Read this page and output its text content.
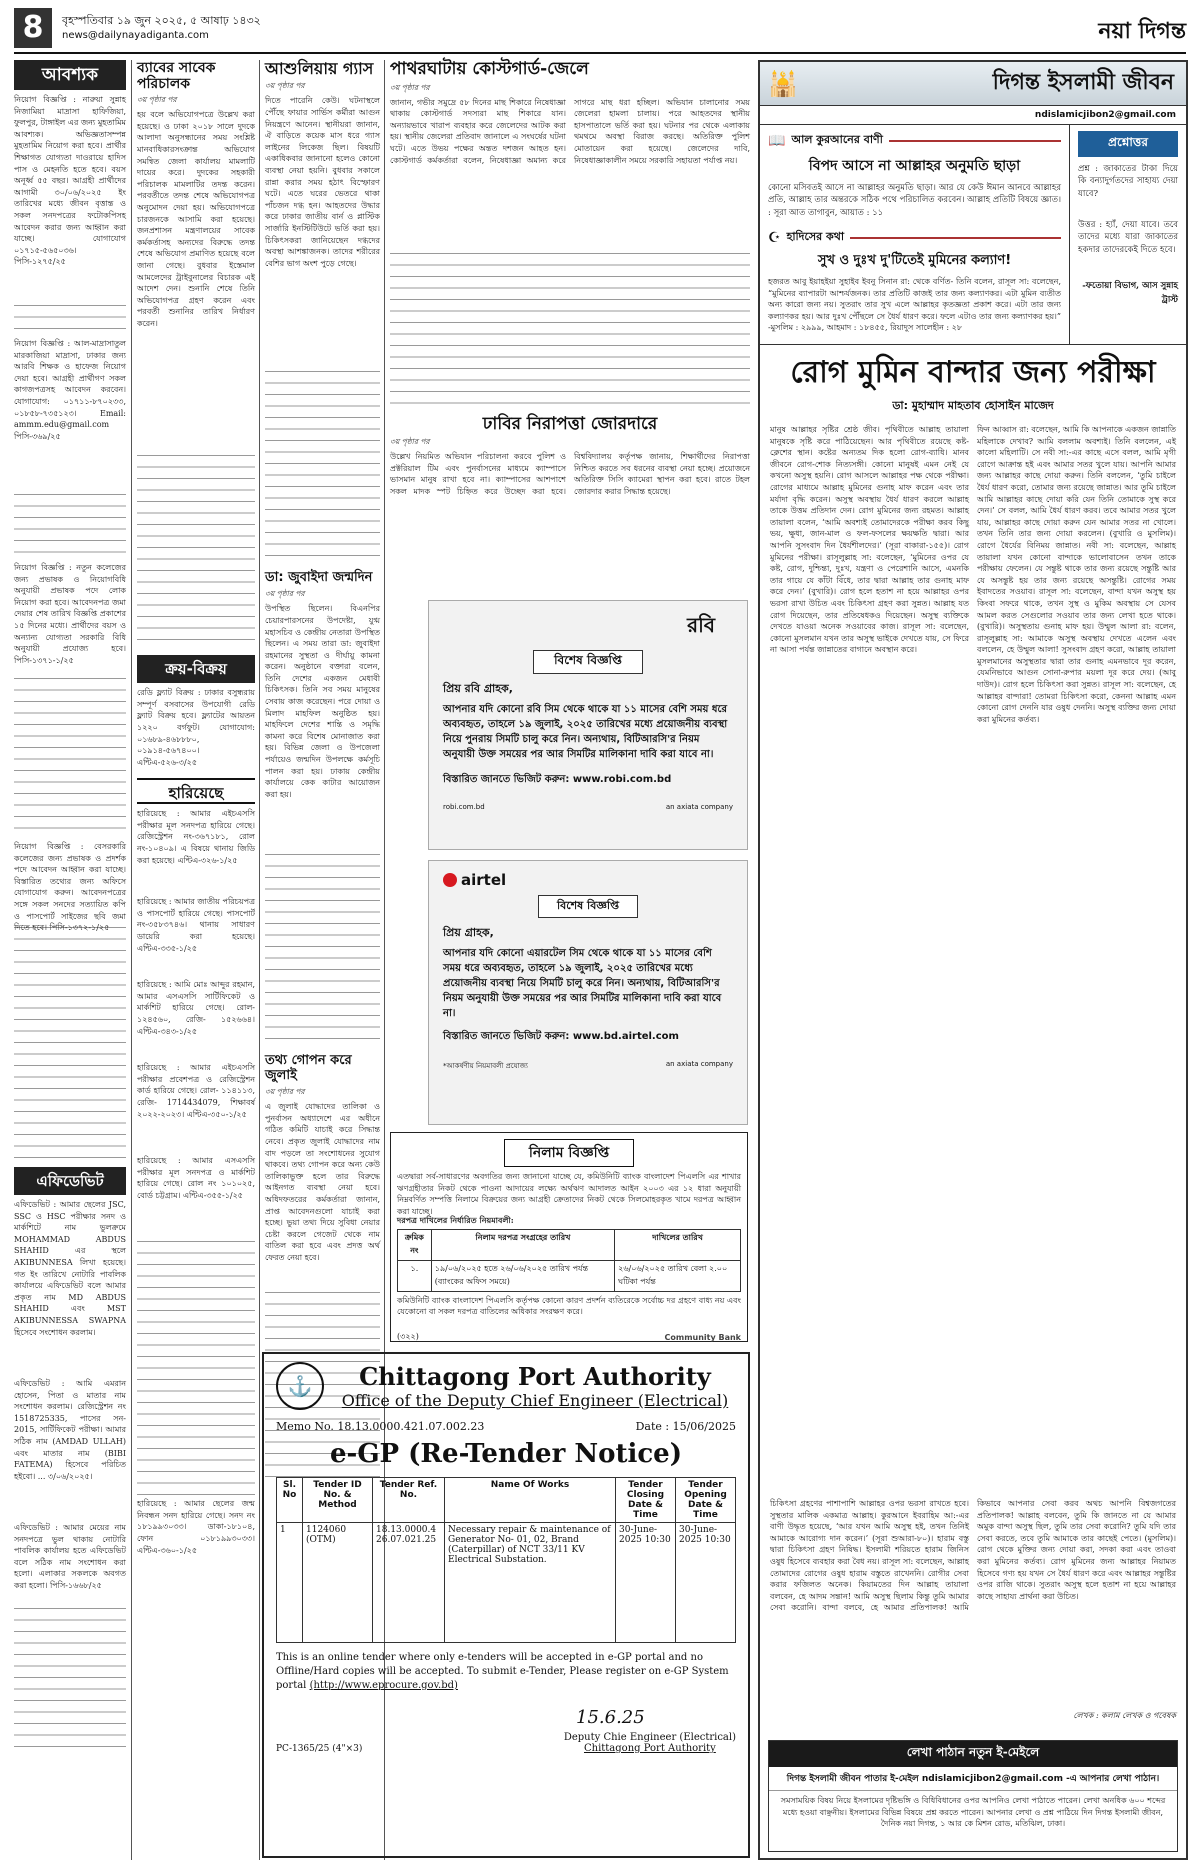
8	বৃহস্পতিবার ১৯ জুন ২০২৫, ৫ আষাঢ় ১৪৩২
news@dailynayadiganta.com	নয়া দিগন্ত
আবশ্যক
নিয়োগ বিজ্ঞপ্তি : নারুয়া সুন্নাহ নিজামিয়া মাদ্রাসা হাফিজিয়া, ফুলপুর, টাঙ্গাইল এর জন্য মুহতামিম আবশ্যক। অভিজ্ঞতাসম্পন্ন মুহতামিম নিয়োগ করা হবে। প্রার্থীর শিক্ষাগত যোগ্যতা দাওরায়ে হাদিস পাস ও মেহনতি হতে হবে। বয়স অনূর্ধ্ব ৫৫ বছর। আগ্রহী প্রার্থীদের আগামী ৩০/০৬/২০২৫ ইং তারিখের মধ্যে জীবন বৃত্তান্ত ও সকল সনদপত্রের ফটোকপিসহ আবেদন করার জন্য আহ্বান করা যাচ্ছে। যোগাযোগ ০১৭১৫-৫৬৫০৩৬। পিসি-১২৭৫/২৫
নিয়োগ বিজ্ঞপ্তি : আল-মাদ্রাসাতুল মারকাজিয়া মাদ্রাসা, ঢাকার জন্য আরবি শিক্ষক ও হাফেজ নিয়োগ দেয়া হবে। আগ্রহী প্রার্থীগণ সকল কাগজপত্রসহ আবেদন করবেন। যোগাযোগ: ০১৭১১-৮৭০২৩৩, ০১৮৫৮-৭৩৫১২৩। Email: ammm.edu@gmail.com পিসি-৩৬৯/২৫
নিয়োগ বিজ্ঞপ্তি : নতুন কলেজের জন্য প্রভাষক ও নিয়োগবিধি অনুযায়ী প্রভাষক পদে লোক নিয়োগ করা হবে। আবেদনপত্র জমা দেয়ার শেষ তারিখ বিজ্ঞপ্তি প্রকাশের ১৫ দিনের মধ্যে। প্রার্থীদের বয়স ও অন্যান্য যোগ্যতা সরকারি বিধি অনুযায়ী প্রযোজ্য হবে। পিসি-১৩৭১-১/২৫
নিয়োগ বিজ্ঞপ্তি : বেসরকারি কলেজের জন্য প্রভাষক ও প্রদর্শক পদে আবেদন আহ্বান করা যাচ্ছে। বিস্তারিত তথ্যের জন্য অফিসে যোগাযোগ করুন। আবেদনপত্রের সঙ্গে সকল সনদের সত্যায়িত কপি ও পাসপোর্ট সাইজের ছবি জমা দিতে হবে। পিসি-১৩৭২-১/২৫
এফিডেভিট
এফিডেভিট : আমার ছেলের JSC, SSC ও HSC পরীক্ষার সনদ ও মার্কশিটে নাম ভুলক্রমে MOHAMMAD ABDUS SHAHID এর স্থলে AKIBUNNESA লিখা হয়েছে। গত ইং তারিখে নোটারি পাবলিক কার্যালয়ে এফিডেভিট বলে আমার প্রকৃত নাম MD ABDUS SHAHID এবং MST AKIBUNNESSA SWAPNA হিসেবে সংশোধন করলাম।
এফিডেভিট : আমি এমরান হোসেন, পিতা ও মাতার নাম সংশোধন করলাম। রেজিস্ট্রেশন নং 1518725335, পাসের সন- 2015, সার্টিফিকেট পরীক্ষা। আমার সঠিক নাম (AMDAD ULLAH) এবং মাতার নাম (BIBI FATEMA) হিসেবে পরিচিত হইবো। ... ৩/০৬/২০২৫।
এফিডেভিট : আমার মেয়ের নাম সনদপত্রে ভুল থাকায় নোটারি পাবলিক কার্যালয় হতে এফিডেভিট বলে সঠিক নাম সংশোধন করা হলো। এলাকার সকলকে অবগত করা হলো। পিসি-১৬৬৮/২৫
ব্যাবের সাবেক পরিচালক
৩য় পৃষ্ঠার পর
হয় বলে অভিযোগপত্রে উল্লেখ করা হয়েছে। ও ঢাকা ২০১৮ সালে দুদকে আলাদা অনুসন্ধানের সময় সংশ্লিষ্ট মানবাধিকারসংক্রান্ত অভিযোগ সমন্বিত জেলা কার্যালয় মামলাটি দায়ের করে। দুদকের সহকারী পরিচালক মামলাটির তদন্ত করেন। পরবর্তীতে তদন্ত শেষে অভিযোগপত্র অনুমোদন দেয়া হয়। অভিযোগপত্রে চারজনকে আসামি করা হয়েছে। জনপ্রশাসন মন্ত্রণালয়ের সাবেক কর্মকর্তাসহ অন্যদের বিরুদ্ধে তদন্ত শেষে অভিযোগ প্রমাণিত হয়েছে বলে জানা গেছে। বুধবার ইস্তেমাল আমলেদের ট্রাইবুনালের বিচারক এই আদেশ দেন। শুনানি শেষে তিনি অভিযোগপত্র গ্রহণ করেন এবং পরবর্তী শুনানির তারিখ নির্ধারণ করেন।
ক্রয়-বিক্রয়
রেডি ফ্ল্যাট বিক্রয় : ঢাকার বসুন্ধরায় সম্পূর্ণ বসবাসের উপযোগী রেডি ফ্ল্যাট বিক্রয় হবে। ফ্ল্যাটের আয়তন ১২২০ বর্গফুট। যোগাযোগ: ০১৬৮৯-৪৬৮৮৮০, ০১৯১৪-৫৬৭৪০০। এন্টিএ-৫২৬-৩/২৫
হারিয়েছে
হারিয়েছে : আমার এইচএসসি পরীক্ষার মূল সনদপত্র হারিয়ে গেছে। রেজিস্ট্রেশন নং-৩৬৭১৮১, রোল নং-১০৪০৯। এ বিষয়ে থানায় জিডি করা হয়েছে। এন্টিএ-৩২৬-১/২৫
হারিয়েছে : আমার জাতীয় পরিচয়পত্র ও পাসপোর্ট হারিয়ে গেছে। পাসপোর্ট নং-৩৫৮৩৭৪৬। থানায় সাধারণ ডায়েরি করা হয়েছে। এন্টিএ-৩৩৫-১/২৫
হারিয়েছে : আমি মোঃ আব্দুর রহমান, আমার এসএসসি সার্টিফিকেট ও মার্কশিট হারিয়ে গেছে। রোল- ১২৪৫৬০, রেজি- ১৫২৬৬৪। এন্টিএ-৩৪৩-১/২৫
হারিয়েছে : আমার এইচএসসি পরীক্ষার প্রবেশপত্র ও রেজিস্ট্রেশন কার্ড হারিয়ে গেছে। রোল- ১১৪১১৩, রেজি- 1714434079, শিক্ষাবর্ষ ২০২২-২০২৩। এন্টিএ-৩৫০-১/২৫
হারিয়েছে : আমার এসএসসি পরীক্ষার মূল সনদপত্র ও মার্কশিট হারিয়ে গেছে। রোল নং ১০১০২৫, বোর্ড চট্টগ্রাম। এন্টিএ-৩৫৫-১/২৫
হারিয়েছে : আমার ছেলের জন্ম নিবন্ধন সনদ হারিয়ে গেছে। সনদ নং ১৮১৯৯৩০৩৩। ডাকা-১৮১০৪, ফোন ০১৮১৯৯৩০৩৩। এন্টিএ-৩৬০-১/২৫
আশুলিয়ায় গ্যাস
৩য় পৃষ্ঠার পর
দিতে পারেনি কেউ। ঘটনাস্থলে পৌঁছে ফায়ার সার্ভিস কর্মীরা আগুন নিয়ন্ত্রণে আনেন। স্থানীয়রা জানান, ঐ বাড়িতে কয়েক মাস ধরে গ্যাস লাইনের লিকেজ ছিল। বিষয়টি একাধিকবার জানানো হলেও কোনো ব্যবস্থা নেয়া হয়নি। বুধবার সকালে রান্না করার সময় হঠাৎ বিস্ফোরণ ঘটে। এতে ঘরের ভেতরে থাকা পাঁচজন দগ্ধ হন। আহতদের উদ্ধার করে ঢাকার জাতীয় বার্ন ও প্লাস্টিক সার্জারি ইনস্টিটিউটে ভর্তি করা হয়। চিকিৎসকরা জানিয়েছেন দগ্ধদের অবস্থা আশঙ্কাজনক। তাদের শরীরের বেশির ভাগ অংশ পুড়ে গেছে।
ডা: জুবাইদা জন্মদিন
৩য় পৃষ্ঠার পর
উপস্থিত ছিলেন। বিএনপির চেয়ারপারসনের উপদেষ্টা, যুগ্ম মহাসচিব ও কেন্দ্রীয় নেতারা উপস্থিত ছিলেন। এ সময় তারা ডা: জুবাইদা রহমানের সুস্থতা ও দীর্ঘায়ু কামনা করেন। অনুষ্ঠানে বক্তারা বলেন, তিনি দেশের একজন মেধাবী চিকিৎসক। তিনি সব সময় মানুষের সেবায় কাজ করেছেন। পরে দোয়া ও মিলাদ মাহফিল অনুষ্ঠিত হয়। মাহফিলে দেশের শান্তি ও সমৃদ্ধি কামনা করে বিশেষ মোনাজাত করা হয়। বিভিন্ন জেলা ও উপজেলা পর্যায়েও জন্মদিন উপলক্ষে কর্মসূচি পালন করা হয়। ঢাকায় কেন্দ্রীয় কার্যালয়ে কেক কাটার আয়োজন করা হয়।
তথ্য গোপন করে জুলাই
৩য় পৃষ্ঠার পর
এ জুলাই যোদ্ধাদের তালিকা ও পুনর্বাসন অধ্যাদেশে এর অধীনে গঠিত কমিটি যাচাই করে সিদ্ধান্ত নেবে। প্রকৃত জুলাই যোদ্ধাদের নাম বাদ পড়লে তা সংশোধনের সুযোগ থাকবে। তথ্য গোপন করে অন্য কেউ তালিকাভুক্ত হলে তার বিরুদ্ধে আইনগত ব্যবস্থা নেয়া হবে। অধিদফতরের কর্মকর্তারা জানান, প্রাপ্ত আবেদনগুলো যাচাই করা হচ্ছে। ভুয়া তথ্য দিয়ে সুবিধা নেয়ার চেষ্টা করলে গেজেট থেকে নাম বাতিল করা হবে এবং প্রদত্ত অর্থ ফেরত নেয়া হবে।
পাথরঘাটায় কোস্টগার্ড-জেলে
৩য় পৃষ্ঠার পর
জানান, গভীর সমুদ্রে ৫৮ দিনের মাছ শিকারে নিষেধাজ্ঞা থাকায় কোস্টগার্ড সদস্যরা মাছ শিকারে যান। অন্যায়ভাবে খারাপ ব্যবহার করে জেলেদের আটক করা হয়। স্থানীয় জেলেরা প্রতিবাদ জানালে এ সংঘর্ষের ঘটনা ঘটে। এতে উভয় পক্ষের অন্তত দশজন আহত হন। কোস্টগার্ড কর্মকর্তারা বলেন, নিষেধাজ্ঞা অমান্য করে সাগরে মাছ ধরা হচ্ছিল। অভিযান চালানোর সময় জেলেরা হামলা চালায়। পরে আহতদের স্থানীয় হাসপাতালে ভর্তি করা হয়। ঘটনার পর থেকে এলাকায় থমথমে অবস্থা বিরাজ করছে। অতিরিক্ত পুলিশ মোতায়েন করা হয়েছে। জেলেদের দাবি, নিষেধাজ্ঞাকালীন সময়ে সরকারি সহায়তা পর্যাপ্ত নয়।
ঢাবির নিরাপত্তা জোরদারে
৩য় পৃষ্ঠার পর
উল্লেখ নিয়মিত অভিযান পরিচালনা করবে পুলিশ ও প্রক্টরিয়াল টিম এবং পুনর্বাসনের মাধ্যমে ক্যাম্পাসে ভাসমান মানুষ রাখা হবে না। ক্যাম্পাসের আশপাশে সকল মাদক স্পট চিহ্নিত করে উচ্ছেদ করা হবে। বিশ্ববিদ্যালয় কর্তৃপক্ষ জানায়, শিক্ষার্থীদের নিরাপত্তা নিশ্চিত করতে সব ধরনের ব্যবস্থা নেয়া হচ্ছে। প্রয়োজনে অতিরিক্ত সিসি ক্যামেরা স্থাপন করা হবে। রাতে টহল জোরদার করার সিদ্ধান্ত হয়েছে।
রবি
বিশেষ বিজ্ঞপ্তি
প্রিয় রবি গ্রাহক,
আপনার যদি কোনো রবি সিম থেকে থাকে যা ১১ মাসের বেশি সময় ধরে অব্যবহৃত, তাহলে ১৯ জুলাই, ২০২৫ তারিখের মধ্যে প্রয়োজনীয় ব্যবস্থা নিয়ে পুনরায় সিমটি চালু করে নিন। অন্যথায়, বিটিআরসি'র নিয়ম অনুযায়ী উক্ত সময়ের পর আর সিমটির মালিকানা দাবি করা যাবে না।
বিস্তারিত জানতে ভিজিট করুন: www.robi.com.bd
robi.com.bd	an axiata company
airtel
বিশেষ বিজ্ঞপ্তি
প্রিয় গ্রাহক,
আপনার যদি কোনো এয়ারটেল সিম থেকে থাকে যা ১১ মাসের বেশি সময় ধরে অব্যবহৃত, তাহলে ১৯ জুলাই, ২০২৫ তারিখের মধ্যে প্রয়োজনীয় ব্যবস্থা নিয়ে সিমটি চালু করে নিন। অন্যথায়, বিটিআরসি'র নিয়ম অনুযায়ী উক্ত সময়ের পর আর সিমটির মালিকানা দাবি করা যাবে না।
বিস্তারিত জানতে ভিজিট করুন: www.bd.airtel.com
*আকর্ষণীয় নিয়মাবলী প্রযোজ্য	an axiata company
নিলাম বিজ্ঞপ্তি
এতদ্বারা সর্ব-সাধারণের অবগতির জন্য জানানো যাচ্ছে যে, কমিউনিটি ব্যাংক বাংলাদেশ পিএলসি এর শাখার ঋণগ্রহীতার নিকট থেকে পাওনা আদায়ের লক্ষ্যে অর্থঋণ আদালত আইন ২০০৩ এর ১২ ধারা অনুযায়ী নিম্নবর্ণিত সম্পত্তি নিলামে বিক্রয়ের জন্য আগ্রহী ক্রেতাদের নিকট থেকে সিলমোহরকৃত খামে দরপত্র আহ্বান করা যাচ্ছে।
দরপত্র দাখিলের নির্ধারিত নিয়মাবলী:
ক্রমিক নং	নিলাম দরপত্র সংগ্রহের তারিখ	দাখিলের তারিখ
১.	১৯/০৬/২০২৫ হতে ২৬/০৬/২০২৫ তারিখ পর্যন্ত (ব্যাংকের অফিস সময়ে)	২৬/০৬/২০২৫ তারিখ বেলা ২.০০ ঘটিকা পর্যন্ত
কমিউনিটি ব্যাংক বাংলাদেশ পিএলসি কর্তৃপক্ষ কোনো কারণ প্রদর্শন ব্যতিরেকে সর্বোচ্চ দর গ্রহণে বাধ্য নয় এবং যেকোনো বা সকল দরপত্র বাতিলের অধিকার সংরক্ষণ করে।
(৩২২)	Community Bank
⚓	Chittagong Port Authority
Office of the Deputy Chief Engineer (Electrical)
Memo No. 18.13.0000.421.07.002.23	Date : 15/06/2025
e-GP (Re-Tender Notice)
Sl. No	Tender ID No. & Method	Tender Ref. No.	Name Of Works	Tender Closing Date & Time	Tender Opening Date & Time
1	1124060 (OTM)	18.13.0000.4 26.07.021.25	Necessary repair & maintenance of Generator No- 01, 02, Brand (Caterpillar) of NCT 33/11 KV Electrical Substation.	30-June-2025 10:30	30-June-2025 10:30
This is an online tender where only e-tenders will be accepted in e-GP portal and no Offline/Hard copies will be accepted. To submit e-Tender, Please register on e-GP System portal (http://www.eprocure.gov.bd)
15.6.25
PC-1365/25 (4"×3)
Deputy Chie Engineer (Electrical)
Chittagong Port Authority
🕌	দিগন্ত ইসলামী জীবন
ndislamicjibon2@gmail.com
📖 আল কুরআনের বাণী
বিপদ আসে না আল্লাহর অনুমতি ছাড়া
কোনো মসিবতই আসে না আল্লাহর অনুমতি ছাড়া। আর যে কেউ ঈমান আনবে আল্লাহর প্রতি, আল্লাহ তার অন্তরকে সঠিক পথে পরিচালিত করবেন। আল্লাহ প্রতিটি বিষয়ে জ্ঞাত। : সূরা আত তাগাবুন, আয়াত : ১১
☪ হাদিসের কথা
সুখ ও দুঃখ দু'টিতেই মুমিনের কল্যাণ!
হজরত আবু ইয়াহইয়া সুহাইব ইবনু সিনান রা: থেকে বর্ণিত- তিনি বলেন, রাসূল সা: বলেছেন, “মুমিনের ব্যাপারটা আশ্চর্যজনক। তার প্রতিটি কাজই তার জন্য কল্যাণকর। এটা মুমিন ব্যতীত অন্য কারো জন্য নয়। সুতরাং তার সুখ এলে আল্লাহর কৃতজ্ঞতা প্রকাশ করে। এটা তার জন্য কল্যাণকর হয়। আর দুঃখ পৌঁছলে সে ধৈর্য ধারণ করে। ফলে এটাও তার জন্য কল্যাণকর হয়।” -মুসলিম : ২৯৯৯, আহমাদ : ১৮৪৫৫, রিয়াদুস সালেহীন : ২৮
প্রশ্নোত্তর
প্রশ্ন : জাকাতের টাকা দিয়ে কি বন্যাদুর্গতদের সাহায্য দেয়া যাবে?
উত্তর : হ্যাঁ, দেয়া যাবে। তবে তাদের মধ্যে যারা জাকাতের হকদার তাদেরকেই দিতে হবে।
-ফতোয়া বিভাগ, আস সুন্নাহ ট্রাস্ট
রোগ মুমিন বান্দার জন্য পরীক্ষা
ডা: মুহাম্মাদ মাহতাব হোসাইন মাজেদ
মানুষ আল্লাহর সৃষ্টির শ্রেষ্ঠ জীব। পৃথিবীতে আল্লাহ তায়ালা মানুষকে সৃষ্টি করে পাঠিয়েছেন। আর পৃথিবীতে রয়েছে কষ্ট-ক্লেশের স্থান। কষ্টের অন্যতম দিক হলো রোগ-ব্যাধি। মানব জীবনে রোগ-শোক নিত্যসঙ্গী। কোনো মানুষই এমন নেই যে কখনো অসুস্থ হয়নি। রোগ আসলে আল্লাহর পক্ষ থেকে পরীক্ষা। রোগের মাধ্যমে আল্লাহ মুমিনের গুনাহ মাফ করেন এবং তার মর্যাদা বৃদ্ধি করেন। অসুস্থ অবস্থায় ধৈর্য ধারণ করলে আল্লাহ তাকে উত্তম প্রতিদান দেন। রোগ মুমিনের জন্য রহমত। আল্লাহ তায়ালা বলেন, ‘আমি অবশ্যই তোমাদেরকে পরীক্ষা করব কিছু ভয়, ক্ষুধা, জান-মাল ও ফল-ফসলের ক্ষয়ক্ষতি দ্বারা। আর আপনি সুসংবাদ দিন ধৈর্যশীলদের।’ (সূরা বাকারা-১৫৫)। রোগ মুমিনের পরীক্ষা। রাসূলুল্লাহ সা: বলেছেন, ‘মুমিনের ওপর যে কষ্ট, রোগ, দুশ্চিন্তা, দুঃখ, যন্ত্রণা ও পেরেশানি আসে, এমনকি তার গায়ে যে কাঁটা বিঁধে, তার দ্বারা আল্লাহ তার গুনাহ মাফ করে দেন।’ (বুখারি)। রোগ হলে হতাশ না হয়ে আল্লাহর ওপর ভরসা রাখা উচিত এবং চিকিৎসা গ্রহণ করা সুন্নত। আল্লাহ যত রোগ দিয়েছেন, তার প্রতিষেধকও দিয়েছেন। অসুস্থ ব্যক্তিকে দেখতে যাওয়া অনেক সওয়াবের কাজ। রাসূল সা: বলেছেন, কোনো মুসলমান যখন তার অসুস্থ ভাইকে দেখতে যায়, সে ফিরে না আসা পর্যন্ত জান্নাতের বাগানে অবস্থান করে।
ফিন আব্বাস রা: বলেছেন, আমি কি আপনাকে একজন জান্নাতি মহিলাকে দেখাব? আমি বললাম অবশ্যই। তিনি বললেন, এই কালো মহিলাটি। সে নবী সা:-এর কাছে এসে বলল, আমি মৃগী রোগে আক্রান্ত হই এবং আমার সতর খুলে যায়। আপনি আমার জন্য আল্লাহর কাছে দোয়া করুন। তিনি বললেন, ‘তুমি চাইলে ধৈর্য ধারণ করো, তোমার জন্য রয়েছে জান্নাত। আর তুমি চাইলে আমি আল্লাহর কাছে দোয়া করি যেন তিনি তোমাকে সুস্থ করে দেন।’ সে বলল, আমি ধৈর্য ধারণ করব। তবে আমার সতর খুলে যায়, আল্লাহর কাছে দোয়া করুন যেন আমার সতর না খোলে। তখন তিনি তার জন্য দোয়া করলেন। (বুখারি ও মুসলিম)। রোগে ধৈর্যের বিনিময় জান্নাত। নবী সা: বলেছেন, আল্লাহ তায়ালা যখন কোনো বান্দাকে ভালোবাসেন তখন তাকে পরীক্ষায় ফেলেন। যে সন্তুষ্ট থাকে তার জন্য রয়েছে সন্তুষ্টি আর যে অসন্তুষ্ট হয় তার জন্য রয়েছে অসন্তুষ্টি। রোগের সময় ইবাদতের সওয়াব। রাসূল সা: বলেছেন, বান্দা যখন অসুস্থ হয় কিংবা সফরে থাকে, তখন সুস্থ ও মুকিম অবস্থায় সে যেসব আমল করত সেগুলোর সওয়াব তার জন্য লেখা হতে থাকে। (বুখারি)। অসুস্থতায় গুনাহ মাফ হয়। উম্মুল আলা রা: বলেন, রাসূলুল্লাহ সা: আমাকে অসুস্থ অবস্থায় দেখতে এলেন এবং বললেন, হে উম্মুল আলা! সুসংবাদ গ্রহণ করো, আল্লাহ তায়ালা মুসলমানের অসুস্থতার দ্বারা তার গুনাহ এমনভাবে দূর করেন, যেমনিভাবে আগুন সোনা-রুপার ময়লা দূর করে দেয়। (আবু দাউদ)। রোগ হলে চিকিৎসা করা সুন্নত। রাসূল সা: বলেছেন, হে আল্লাহর বান্দারা! তোমরা চিকিৎসা করো, কেননা আল্লাহ এমন কোনো রোগ দেননি যার ওষুধ দেননি। অসুস্থ ব্যক্তির জন্য দোয়া করা মুমিনের কর্তব্য।
চিকিৎসা গ্রহণের পাশাপাশি আল্লাহর ওপর ভরসা রাখতে হবে। সুস্থতার মালিক একমাত্র আল্লাহ। কুরআনে ইবরাহিম আ:-এর বাণী উদ্ধৃত হয়েছে, ‘আর যখন আমি অসুস্থ হই, তখন তিনিই আমাকে আরোগ্য দান করেন।’ (সূরা শুআরা-৮০)। হারাম বস্তু দ্বারা চিকিৎসা গ্রহণ নিষিদ্ধ। ইসলামী শরিয়তে হারাম জিনিস ওষুধ হিসেবে ব্যবহার করা বৈধ নয়। রাসূল সা: বলেছেন, আল্লাহ তোমাদের রোগের ওষুধ হারাম বস্তুতে রাখেননি। রোগীর সেবা করার ফজিলত অনেক। কিয়ামতের দিন আল্লাহ তায়ালা বলবেন, হে আদম সন্তান! আমি অসুস্থ ছিলাম কিন্তু তুমি আমার সেবা করোনি। বান্দা বলবে, হে আমার প্রতিপালক! আমি কিভাবে আপনার সেবা করব অথচ আপনি বিশ্বজগতের প্রতিপালক! আল্লাহ বলবেন, তুমি কি জানতে না যে আমার অমুক বান্দা অসুস্থ ছিল, তুমি তার সেবা করোনি? তুমি যদি তার সেবা করতে, তবে তুমি আমাকে তার কাছেই পেতে। (মুসলিম)। রোগ থেকে মুক্তির জন্য দোয়া করা, সদকা করা এবং তাওবা করা মুমিনের কর্তব্য। রোগ মুমিনের জন্য আল্লাহর নিয়ামত হিসেবে গণ্য হয় যখন সে ধৈর্য ধারণ করে এবং আল্লাহর সন্তুষ্টির ওপর রাজি থাকে। সুতরাং অসুস্থ হলে হতাশ না হয়ে আল্লাহর কাছে সাহায্য প্রার্থনা করা উচিত।
লেখক : কলাম লেখক ও গবেষক
লেখা পাঠান নতুন ই-মেইলে
দিগন্ত ইসলামী জীবন পাতার ই-মেইল ndislamicjibon2@gmail.com -এ আপনার লেখা পাঠান।
সমসাময়িক বিষয় নিয়ে ইসলামের দৃষ্টিভঙ্গি ও বিধিবিধানের ওপর আপনিও লেখা পাঠাতে পারেন। লেখা অনধিক ৬০০ শব্দের মধ্যে হওয়া বাঞ্ছনীয়। ইসলামের বিভিন্ন বিষয়ে প্রশ্ন করতে পারেন। আপনার লেখা ও প্রশ্ন পাঠিয়ে দিন দিগন্ত ইসলামী জীবন, দৈনিক নয়া দিগন্ত, ১ আর কে মিশন রোড, মতিঝিল, ঢাকা।
